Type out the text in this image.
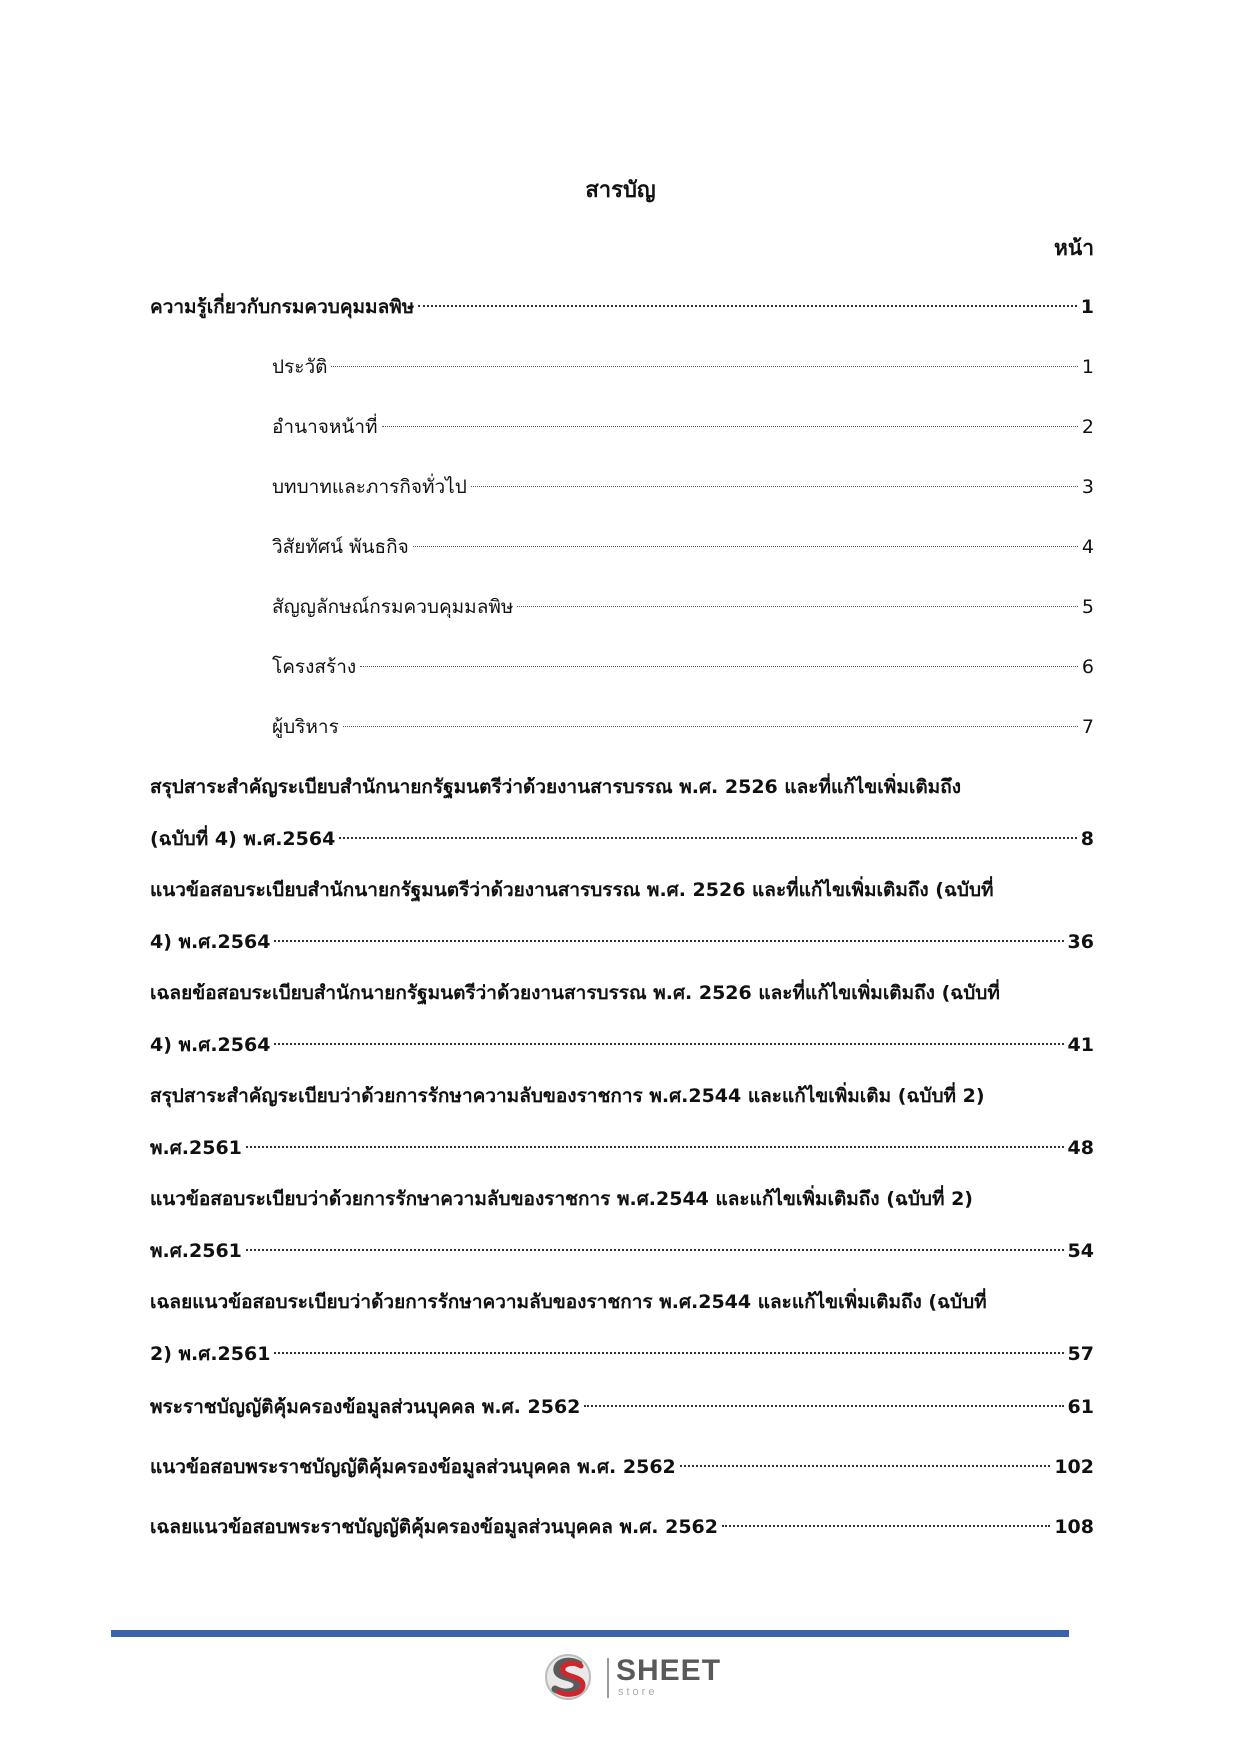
สารบัญ
หน้า
ความรู้เกี่ยวกับกรมควบคุมมลพิษ	1
ประวัติ	1
อำนาจหน้าที่	2
บทบาทและภารกิจทั่วไป	3
วิสัยทัศน์ พันธกิจ	4
สัญญลักษณ์กรมควบคุมมลพิษ	5
โครงสร้าง	6
ผู้บริหาร	7
สรุปสาระสำคัญระเบียบสำนักนายกรัฐมนตรีว่าด้วยงานสารบรรณ พ.ศ. 2526 และที่แก้ไขเพิ่มเติมถึง
(ฉบับที่ 4) พ.ศ.2564	8
แนวข้อสอบระเบียบสำนักนายกรัฐมนตรีว่าด้วยงานสารบรรณ พ.ศ. 2526 และที่แก้ไขเพิ่มเติมถึง (ฉบับที่
4) พ.ศ.2564	36
เฉลยข้อสอบระเบียบสำนักนายกรัฐมนตรีว่าด้วยงานสารบรรณ พ.ศ. 2526 และที่แก้ไขเพิ่มเติมถึง (ฉบับที่
4) พ.ศ.2564	41
สรุปสาระสำคัญระเบียบว่าด้วยการรักษาความลับของราชการ พ.ศ.2544 และแก้ไขเพิ่มเติม (ฉบับที่ 2)
พ.ศ.2561	48
แนวข้อสอบระเบียบว่าด้วยการรักษาความลับของราชการ พ.ศ.2544 และแก้ไขเพิ่มเติมถึง (ฉบับที่ 2)
พ.ศ.2561	54
เฉลยแนวข้อสอบระเบียบว่าด้วยการรักษาความลับของราชการ พ.ศ.2544 และแก้ไขเพิ่มเติมถึง (ฉบับที่
2) พ.ศ.2561	57
พระราชบัญญัติคุ้มครองข้อมูลส่วนบุคคล พ.ศ. 2562	61
แนวข้อสอบพระราชบัญญัติคุ้มครองข้อมูลส่วนบุคคล พ.ศ. 2562	102
เฉลยแนวข้อสอบพระราชบัญญัติคุ้มครองข้อมูลส่วนบุคคล พ.ศ. 2562	108
SHEET
store
